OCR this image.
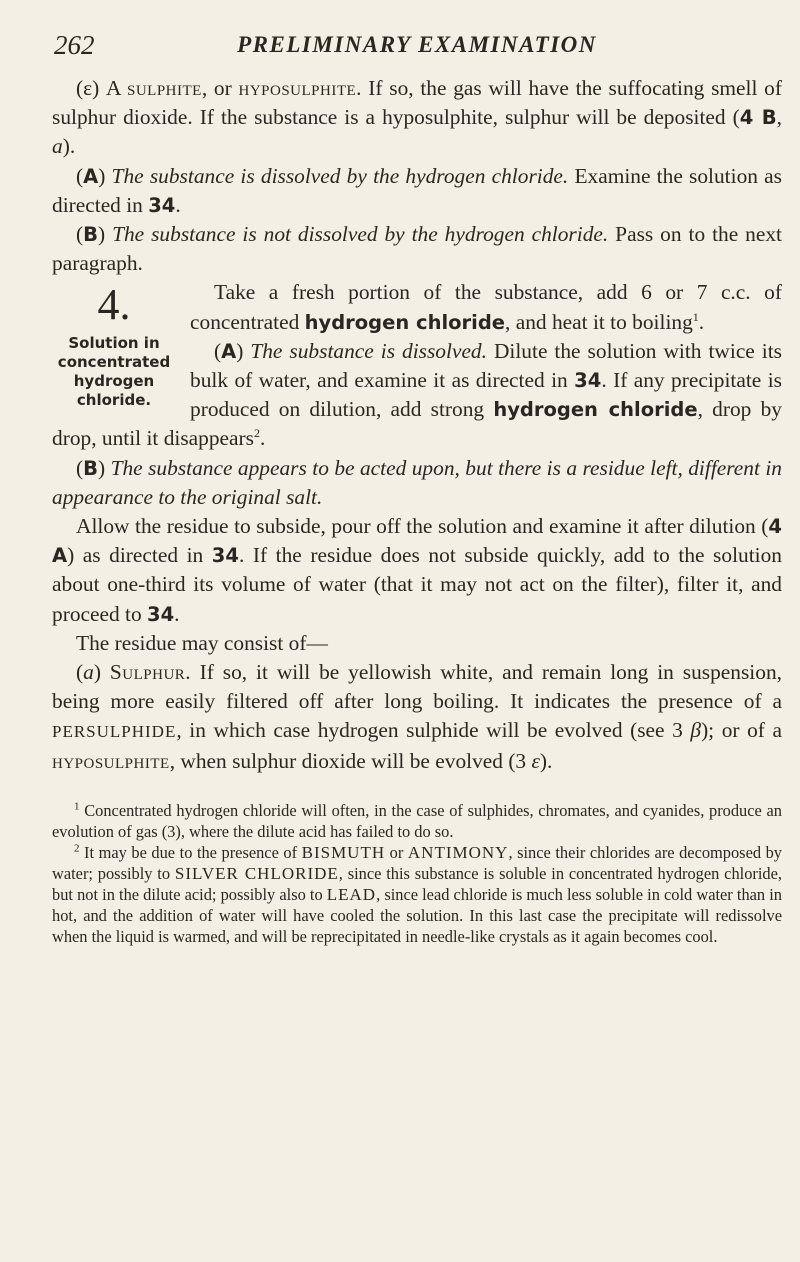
262	PRELIMINARY EXAMINATION

(ε) A sulphite, or hyposulphite. If so, the gas will have the suffocating smell of sulphur dioxide. If the substance is a hyposulphite, sulphur will be deposited (4 B, a).

(A) The substance is dissolved by the hydrogen chloride. Examine the solution as directed in 34.

(B) The substance is not dissolved by the hydrogen chloride. Pass on to the next paragraph.

4.
Solution in
concentrated
hydrogen
chloride.

Take a fresh portion of the substance, add 6 or 7 c.c. of concentrated hydrogen chloride, and heat it to boiling$^1$.

(A) The substance is dissolved. Dilute the solution with twice its bulk of water, and examine it as directed in 34. If any precipitate is produced on dilution, add strong hydrogen chloride, drop by drop, until it disappears$^2$.

(B) The substance appears to be acted upon, but there is a residue left, different in appearance to the original salt.

Allow the residue to subside, pour off the solution and examine it after dilution (4 A) as directed in 34. If the residue does not subside quickly, add to the solution about one-third its volume of water (that it may not act on the filter), filter it, and proceed to 34.

The residue may consist of—

(a) Sulphur. If so, it will be yellowish white, and remain long in suspension, being more easily filtered off after long boiling. It indicates the presence of a PERSULPHIDE, in which case hydrogen sulphide will be evolved (see 3 β); or of a hyposulphite, when sulphur dioxide will be evolved (3 ε).

$^1$ Concentrated hydrogen chloride will often, in the case of sulphides, chromates, and cyanides, produce an evolution of gas (3), where the dilute acid has failed to do so.

$^2$ It may be due to the presence of BISMUTH or ANTIMONY, since their chlorides are decomposed by water; possibly to SILVER CHLORIDE, since this substance is soluble in concentrated hydrogen chloride, but not in the dilute acid; possibly also to LEAD, since lead chloride is much less soluble in cold water than in hot, and the addition of water will have cooled the solution. In this last case the precipitate will redissolve when the liquid is warmed, and will be reprecipitated in needle-like crystals as it again becomes cool.
